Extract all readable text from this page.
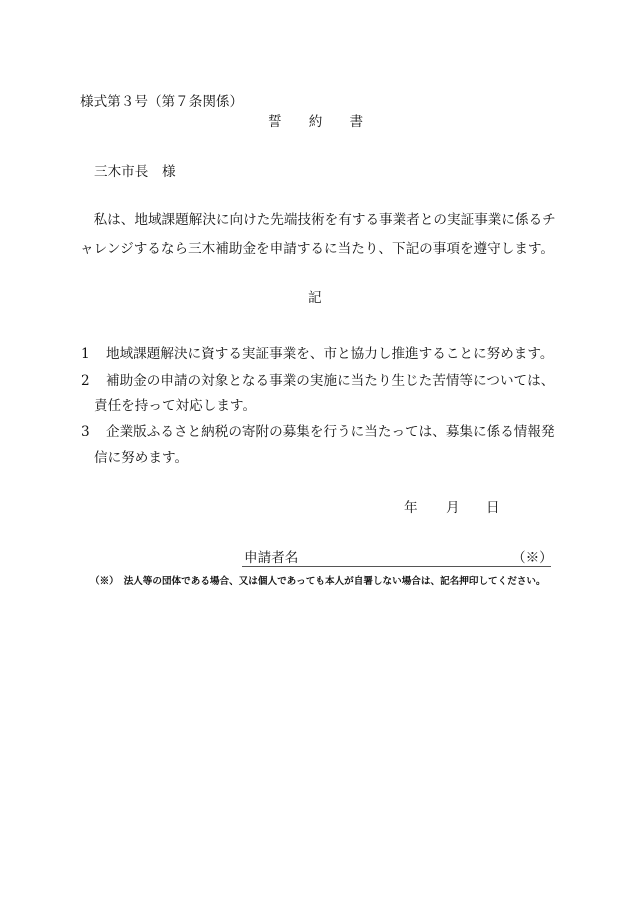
様式第３号（第７条関係）
誓　　約　　書
三木市長　様
　私は、地域課題解決に向けた先端技術を有する事業者との実証事業に係るチ
ャレンジするなら三木補助金を申請するに当たり、下記の事項を遵守します。
記
1 地域課題解決に資する実証事業を、市と協力し推進することに努めます。
2 補助金の申請の対象となる事業の実施に当たり生じた苦情等については、
責任を持って対応します。
3 企業版ふるさと納税の寄附の募集を行うに当たっては、募集に係る情報発
信に努めます。
年 月 日
申請者名	（※）
（※）　法人等の団体である場合、又は個人であっても本人が自署しない場合は、記名押印してください。
